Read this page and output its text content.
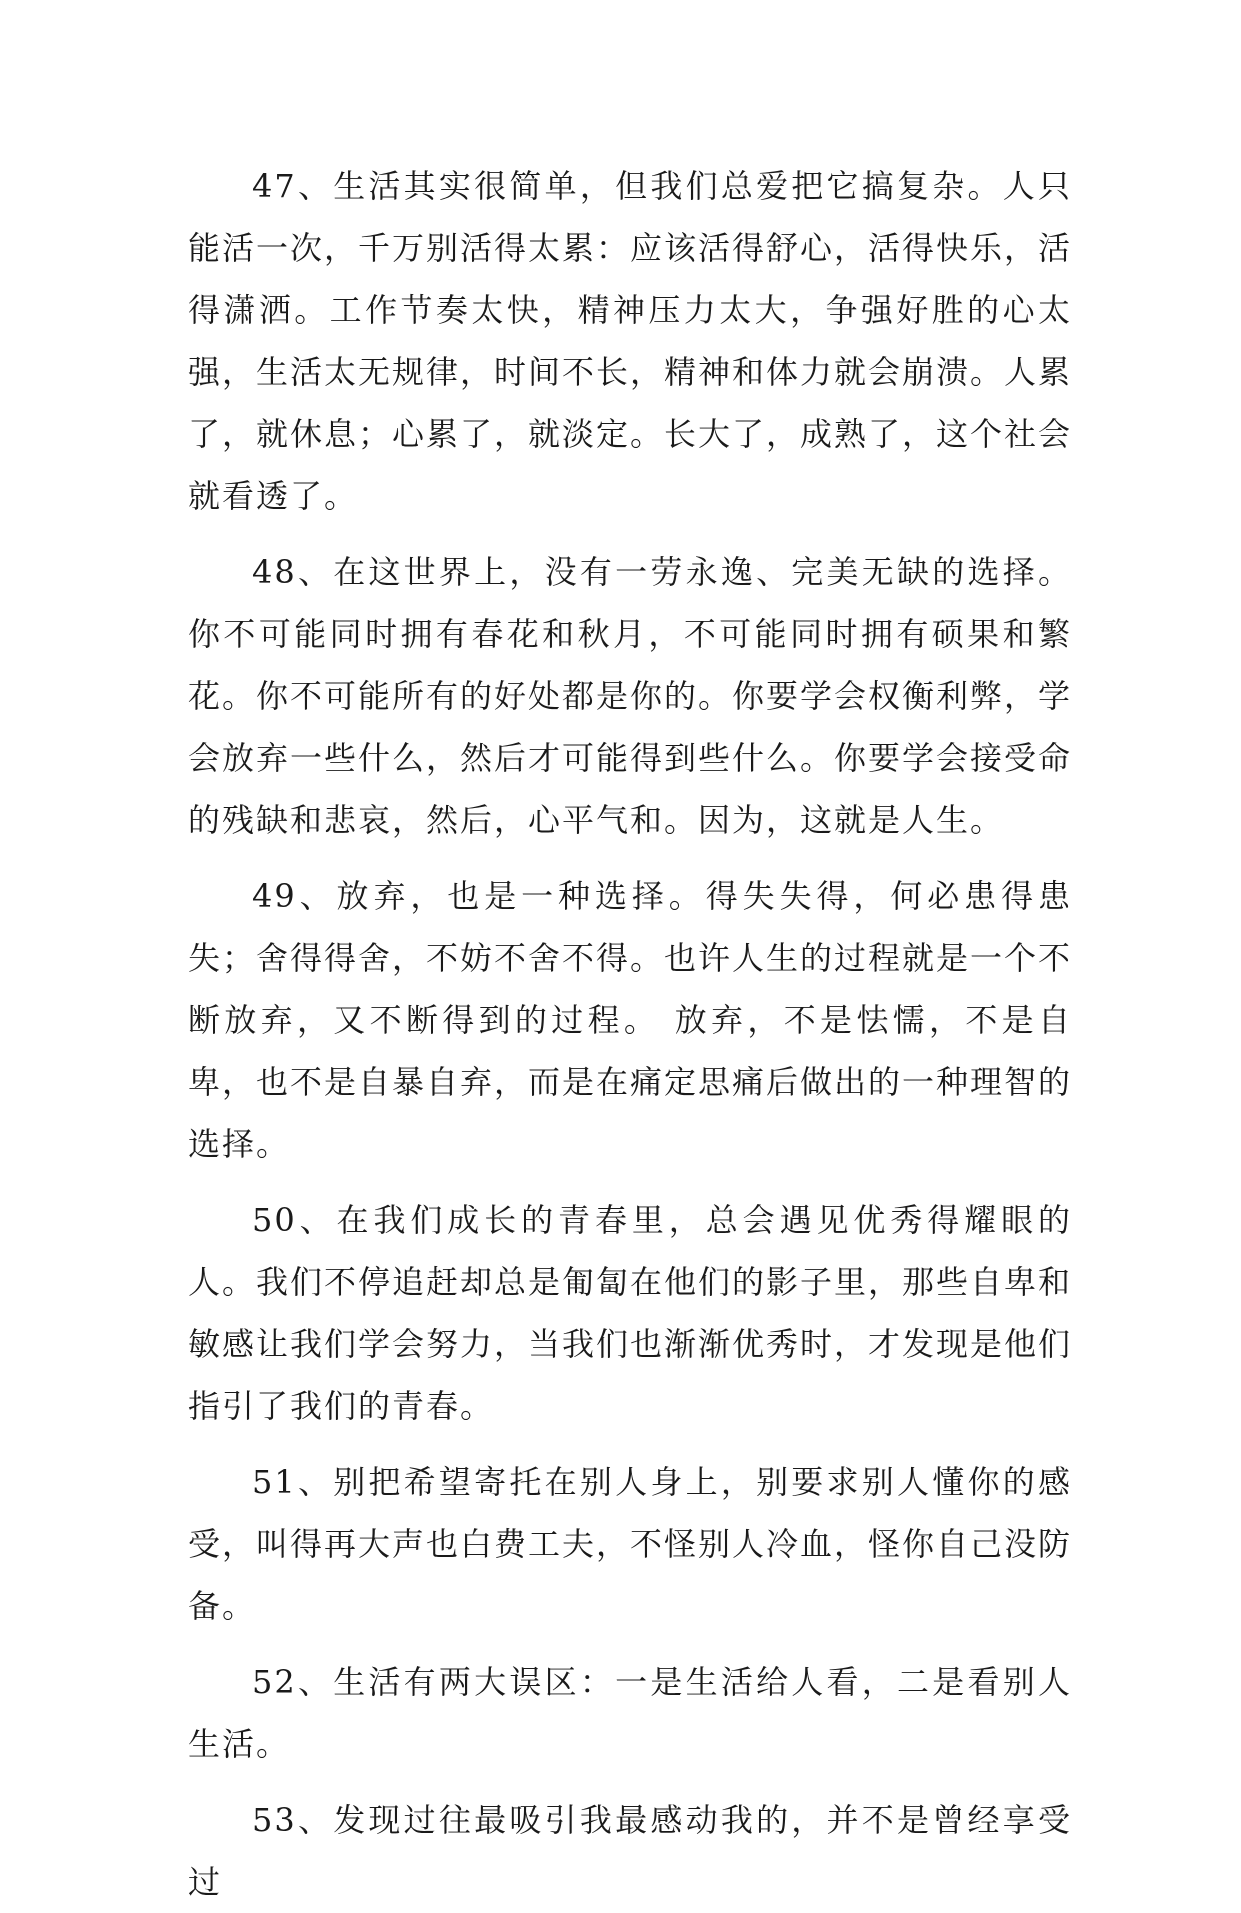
47、生活其实很简单，但我们总爱把它搞复杂。人只能活一次，千万别活得太累：应该活得舒心，活得快乐，活得潇洒。工作节奏太快，精神压力太大，争强好胜的心太强，生活太无规律，时间不长，精神和体力就会崩溃。人累了，就休息；心累了，就淡定。长大了，成熟了，这个社会就看透了。

48、在这世界上，没有一劳永逸、完美无缺的选择。你不可能同时拥有春花和秋月，不可能同时拥有硕果和繁花。你不可能所有的好处都是你的。你要学会权衡利弊，学会放弃一些什么，然后才可能得到些什么。你要学会接受命的残缺和悲哀，然后，心平气和。因为，这就是人生。

49、放弃，也是一种选择。得失失得，何必患得患失；舍得得舍，不妨不舍不得。也许人生的过程就是一个不断放弃，又不断得到的过程。 放弃，不是怯懦，不是自卑，也不是自暴自弃，而是在痛定思痛后做出的一种理智的选择。

50、在我们成长的青春里，总会遇见优秀得耀眼的人。我们不停追赶却总是匍匐在他们的影子里，那些自卑和敏感让我们学会努力，当我们也渐渐优秀时，才发现是他们指引了我们的青春。

51、别把希望寄托在别人身上，别要求别人懂你的感受，叫得再大声也白费工夫，不怪别人冷血，怪你自己没防备。

52、生活有两大误区：一是生活给人看，二是看别人生活。

53、发现过往最吸引我最感动我的，并不是曾经享受过
